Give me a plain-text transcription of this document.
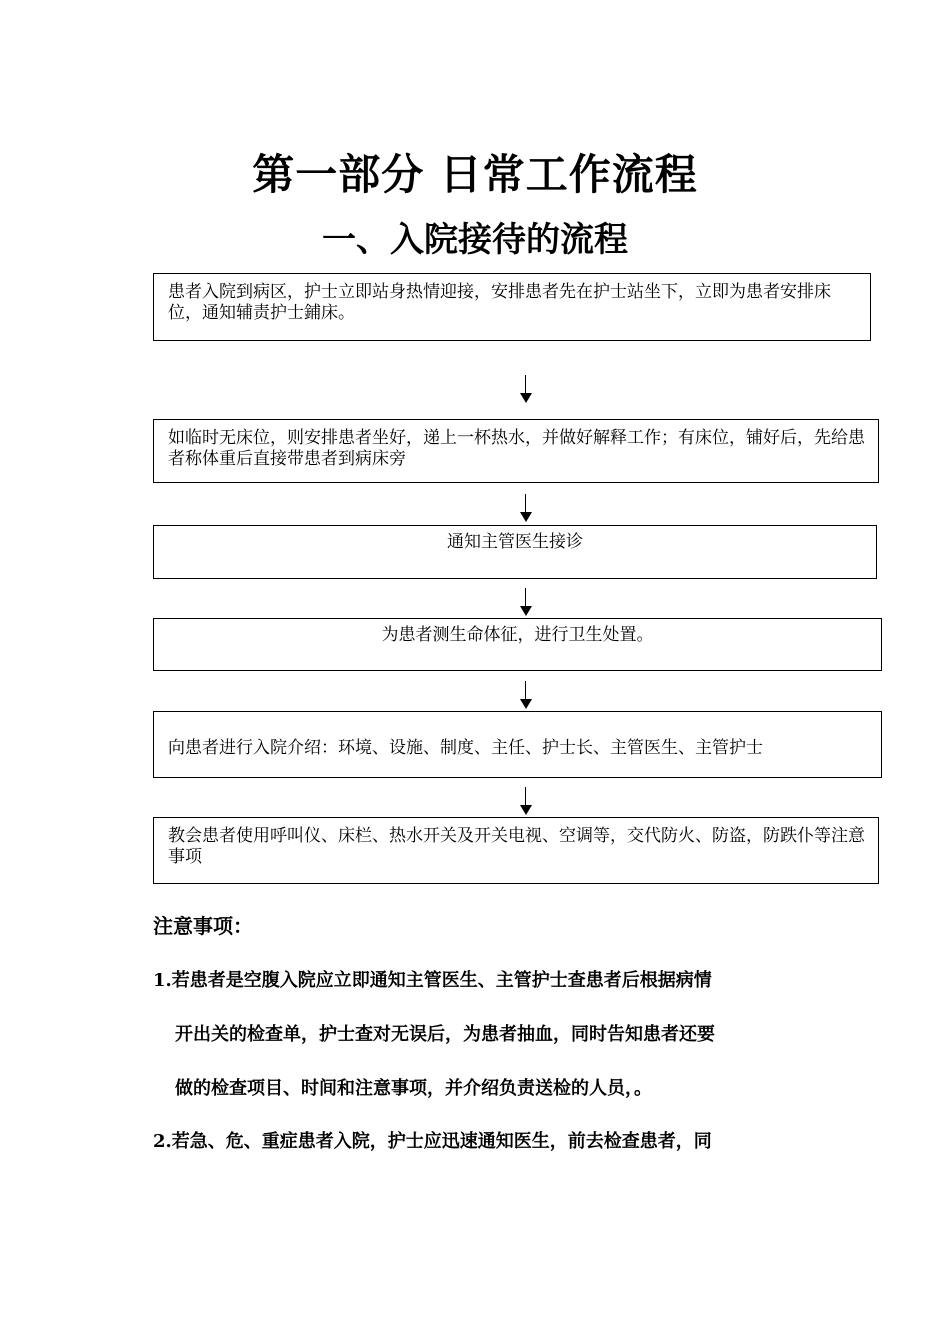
第一部分 日常工作流程
一、入院接待的流程

患者入院到病区，护士立即站身热情迎接，安排患者先在护士站坐下，立即为患者安排床位，通知辅责护士鋪床。

如临时无床位，则安排患者坐好，递上一杯热水，并做好解释工作；有床位，铺好后，先给患者称体重后直接带患者到病床旁

通知主管医生接诊

为患者测生命体征，进行卫生处置。

向患者进行入院介绍：环境、设施、制度、主任、护士长、主管医生、主管护士

教会患者使用呼叫仪、床栏、热水开关及开关电视、空调等，交代防火、防盗，防跌仆等注意事项

注意事项：

1.若患者是空腹入院应立即通知主管医生、主管护士查患者后根据病情

开出关的检查单，护士查对无误后，为患者抽血，同时告知患者还要

做的检查项目、时间和注意事项，并介绍负责送检的人员，。

2.若急、危、重症患者入院，护士应迅速通知医生，前去检查患者，同
